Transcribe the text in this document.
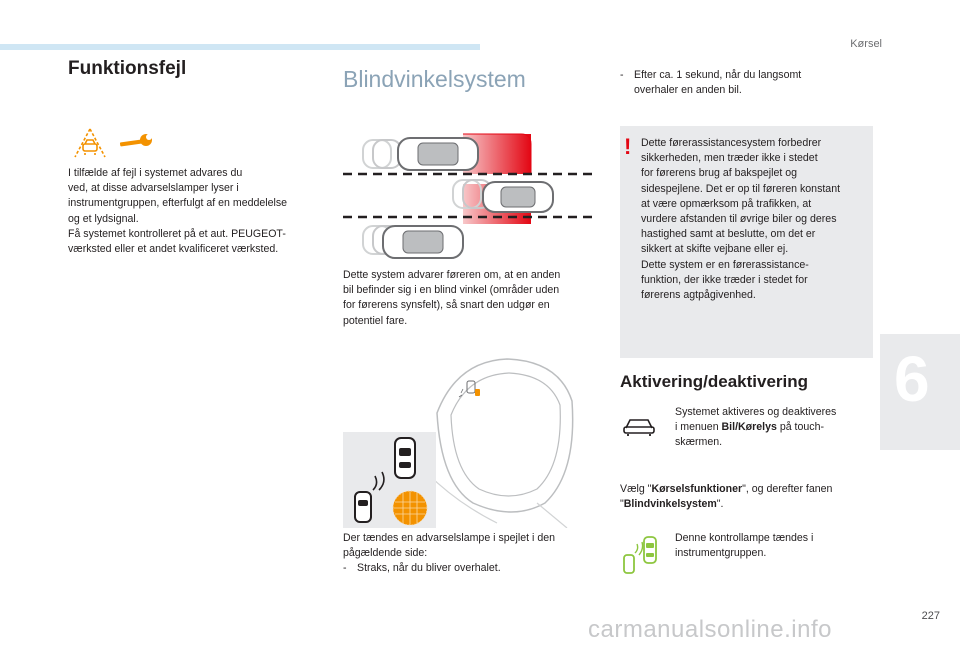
Kørsel
6
Funktionsfejl
I tilfælde af fejl i systemet advares du
ved, at disse advarselslamper lyser i
instrumentgruppen, efterfulgt af en meddelelse
og et lydsignal.
Få systemet kontrolleret på et aut. PEUGEOT-
værksted eller et andet kvalificeret værksted.
Blindvinkelsystem
Dette system advarer føreren om, at en anden
bil befinder sig i en blind vinkel (områder uden
for førerens synsfelt), så snart den udgør en
potentiel fare.
Der tændes en advarselslampe i spejlet i den
pågældende side:
- Straks, når du bliver overhalet.
- Efter ca. 1 sekund, når du langsomt
overhaler en anden bil.
! Dette førerassistancesystem forbedrer
sikkerheden, men træder ikke i stedet
for førerens brug af bakspejlet og
sidespejlene. Det er op til føreren konstant
at være opmærksom på trafikken, at
vurdere afstanden til øvrige biler og deres
hastighed samt at beslutte, om det er
sikkert at skifte vejbane eller ej.
Dette system er en førerassistance-
funktion, der ikke træder i stedet for
førerens agtpågivenhed.
Aktivering/deaktivering
Systemet aktiveres og deaktiveres
i menuen Bil/Kørelys på touch-
skærmen.
Vælg "Kørselsfunktioner", og derefter fanen
"Blindvinkelsystem".
Denne kontrollampe tændes i
instrumentgruppen.
227
carmanualsonline.info
